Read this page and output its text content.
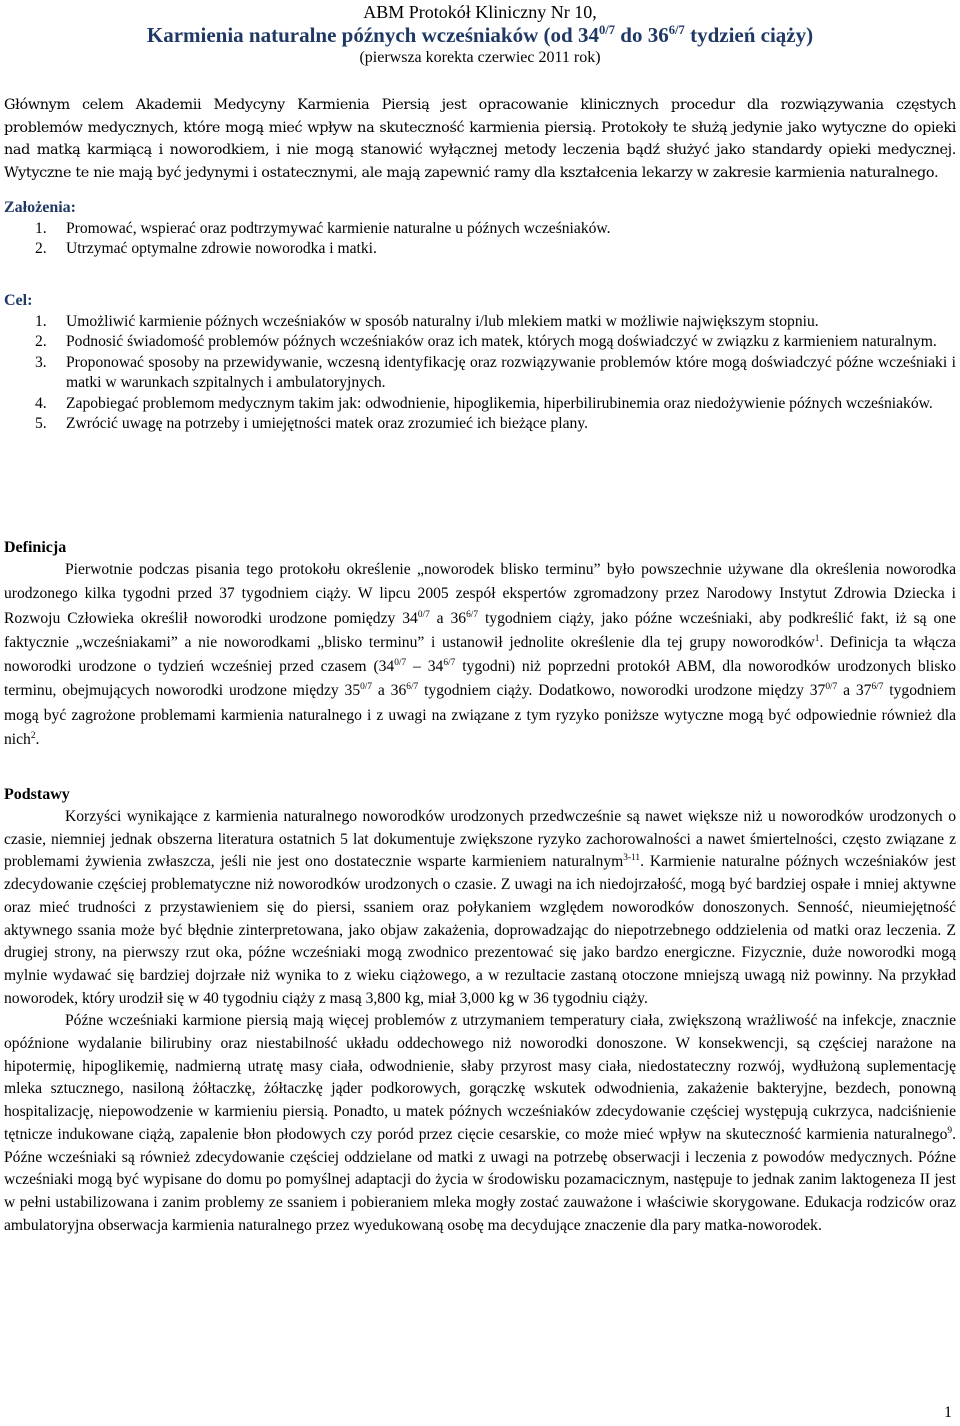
ABM Protokół Kliniczny Nr 10,
Karmienia naturalne późnych wcześniaków (od $34^{0/7}$ do $36^{6/7}$ tydzień ciąży)
(pierwsza korekta czerwiec 2011 rok)
Głównym celem Akademii Medycyny Karmienia Piersią jest opracowanie klinicznych procedur dla rozwiązywania częstych
problemów medycznych, które mogą mieć wpływ na skuteczność karmienia piersią. Protokoły te służą jedynie jako wytyczne do opieki
nad matką karmiącą i noworodkiem, i nie mogą stanowić wyłącznej metody leczenia bądź służyć jako standardy opieki medycznej.
Wytyczne te nie mają być jedynymi i ostatecznymi, ale mają zapewnić ramy dla kształcenia lekarzy w zakresie karmienia naturalnego.
Założenia:
1. Promować, wspierać oraz podtrzymywać karmienie naturalne u późnych wcześniaków.
2. Utrzymać optymalne zdrowie noworodka i matki.
Cel:
1. Umożliwić karmienie późnych wcześniaków w sposób naturalny i/lub mlekiem matki w możliwie największym stopniu.
2. Podnosić świadomość problemów późnych wcześniaków oraz ich matek, których mogą doświadczyć w związku z karmieniem naturalnym.
3. Proponować sposoby na przewidywanie, wczesną identyfikację oraz rozwiązywanie problemów które mogą doświadczyć późne wcześniaki i matki w warunkach szpitalnych i ambulatoryjnych.
4. Zapobiegać problemom medycznym takim jak: odwodnienie, hipoglikemia, hiperbilirubinemia oraz niedożywienie późnych wcześniaków.
5. Zwrócić uwagę na potrzeby i umiejętności matek oraz zrozumieć ich bieżące plany.
Definicja
Pierwotnie podczas pisania tego protokołu określenie „noworodek blisko terminu” było powszechnie używane dla określenia noworodka urodzonego kilka tygodni przed 37 tygodniem ciąży. W lipcu 2005 zespół ekspertów zgromadzony przez Narodowy Instytut Zdrowia Dziecka i Rozwoju Człowieka określił noworodki urodzone pomiędzy $34^{0/7}$ a $36^{6/7}$ tygodniem ciąży, jako późne wcześniaki, aby podkreślić fakt, iż są one faktycznie „wcześniakami” a nie noworodkami „blisko terminu” i ustanowił jednolite określenie dla tej grupy noworodków$^1$. Definicja ta włącza noworodki urodzone o tydzień wcześniej przed czasem ($34^{0/7} - 34^{6/7}$ tygodni) niż poprzedni protokół ABM, dla noworodków urodzonych blisko terminu, obejmujących noworodki urodzone między $35^{0/7}$ a $36^{6/7}$ tygodniem ciąży. Dodatkowo, noworodki urodzone między $37^{0/7}$ a $37^{6/7}$ tygodniem mogą być zagrożone problemami karmienia naturalnego i z uwagi na związane z tym ryzyko poniższe wytyczne mogą być odpowiednie również dla nich$^2$.
Podstawy
Korzyści wynikające z karmienia naturalnego noworodków urodzonych przedwcześnie są nawet większe niż u noworodków urodzonych o czasie, niemniej jednak obszerna literatura ostatnich 5 lat dokumentuje zwiększone ryzyko zachorowalności a nawet śmiertelności, często związane z problemami żywienia zwłaszcza, jeśli nie jest ono dostatecznie wsparte karmieniem naturalnym$^{3-11}$. Karmienie naturalne późnych wcześniaków jest zdecydowanie częściej problematyczne niż noworodków urodzonych o czasie. Z uwagi na ich niedojrzałość, mogą być bardziej ospałe i mniej aktywne oraz mieć trudności z przystawieniem się do piersi, ssaniem oraz połykaniem względem noworodków donoszonych. Senność, nieumiejętność aktywnego ssania może być błędnie zinterpretowana, jako objaw zakażenia, doprowadzając do niepotrzebnego oddzielenia od matki oraz leczenia. Z drugiej strony, na pierwszy rzut oka, późne wcześniaki mogą zwodnico prezentować się jako bardzo energiczne. Fizycznie, duże noworodki mogą mylnie wydawać się bardziej dojrzałe niż wynika to z wieku ciążowego, a w rezultacie zastaną otoczone mniejszą uwagą niż powinny. Na przykład noworodek, który urodził się w 40 tygodniu ciąży z masą 3,800 kg, miał 3,000 kg w 36 tygodniu ciąży.
Późne wcześniaki karmione piersią mają więcej problemów z utrzymaniem temperatury ciała, zwiększoną wrażliwość na infekcje, znacznie opóźnione wydalanie bilirubiny oraz niestabilność układu oddechowego niż noworodki donoszone. W konsekwencji, są częściej narażone na hipotermię, hipoglikemię, nadmierną utratę masy ciała, odwodnienie, słaby przyrost masy ciała, niedostateczny rozwój, wydłużoną suplementację mleka sztucznego, nasiloną żółtaczkę, żółtaczkę jąder podkorowych, gorączkę wskutek odwodnienia, zakażenie bakteryjne, bezdech, ponowną hospitalizację, niepowodzenie w karmieniu piersią. Ponadto, u matek późnych wcześniaków zdecydowanie częściej występują cukrzyca, nadciśnienie tętnicze indukowane ciążą, zapalenie błon płodowych czy poród przez cięcie cesarskie, co może mieć wpływ na skuteczność karmienia naturalnego$^9$. Późne wcześniaki są również zdecydowanie częściej oddzielane od matki z uwagi na potrzebę obserwacji i leczenia z powodów medycznych. Późne wcześniaki mogą być wypisane do domu po pomyślnej adaptacji do życia w środowisku pozamacicznym, następuje to jednak zanim laktogeneza II jest w pełni ustabilizowana i zanim problemy ze ssaniem i pobieraniem mleka mogły zostać zauważone i właściwie skorygowane. Edukacja rodziców oraz ambulatoryjna obserwacja karmienia naturalnego przez wyedukowaną osobę ma decydujące znaczenie dla pary matka-noworodek.
1
